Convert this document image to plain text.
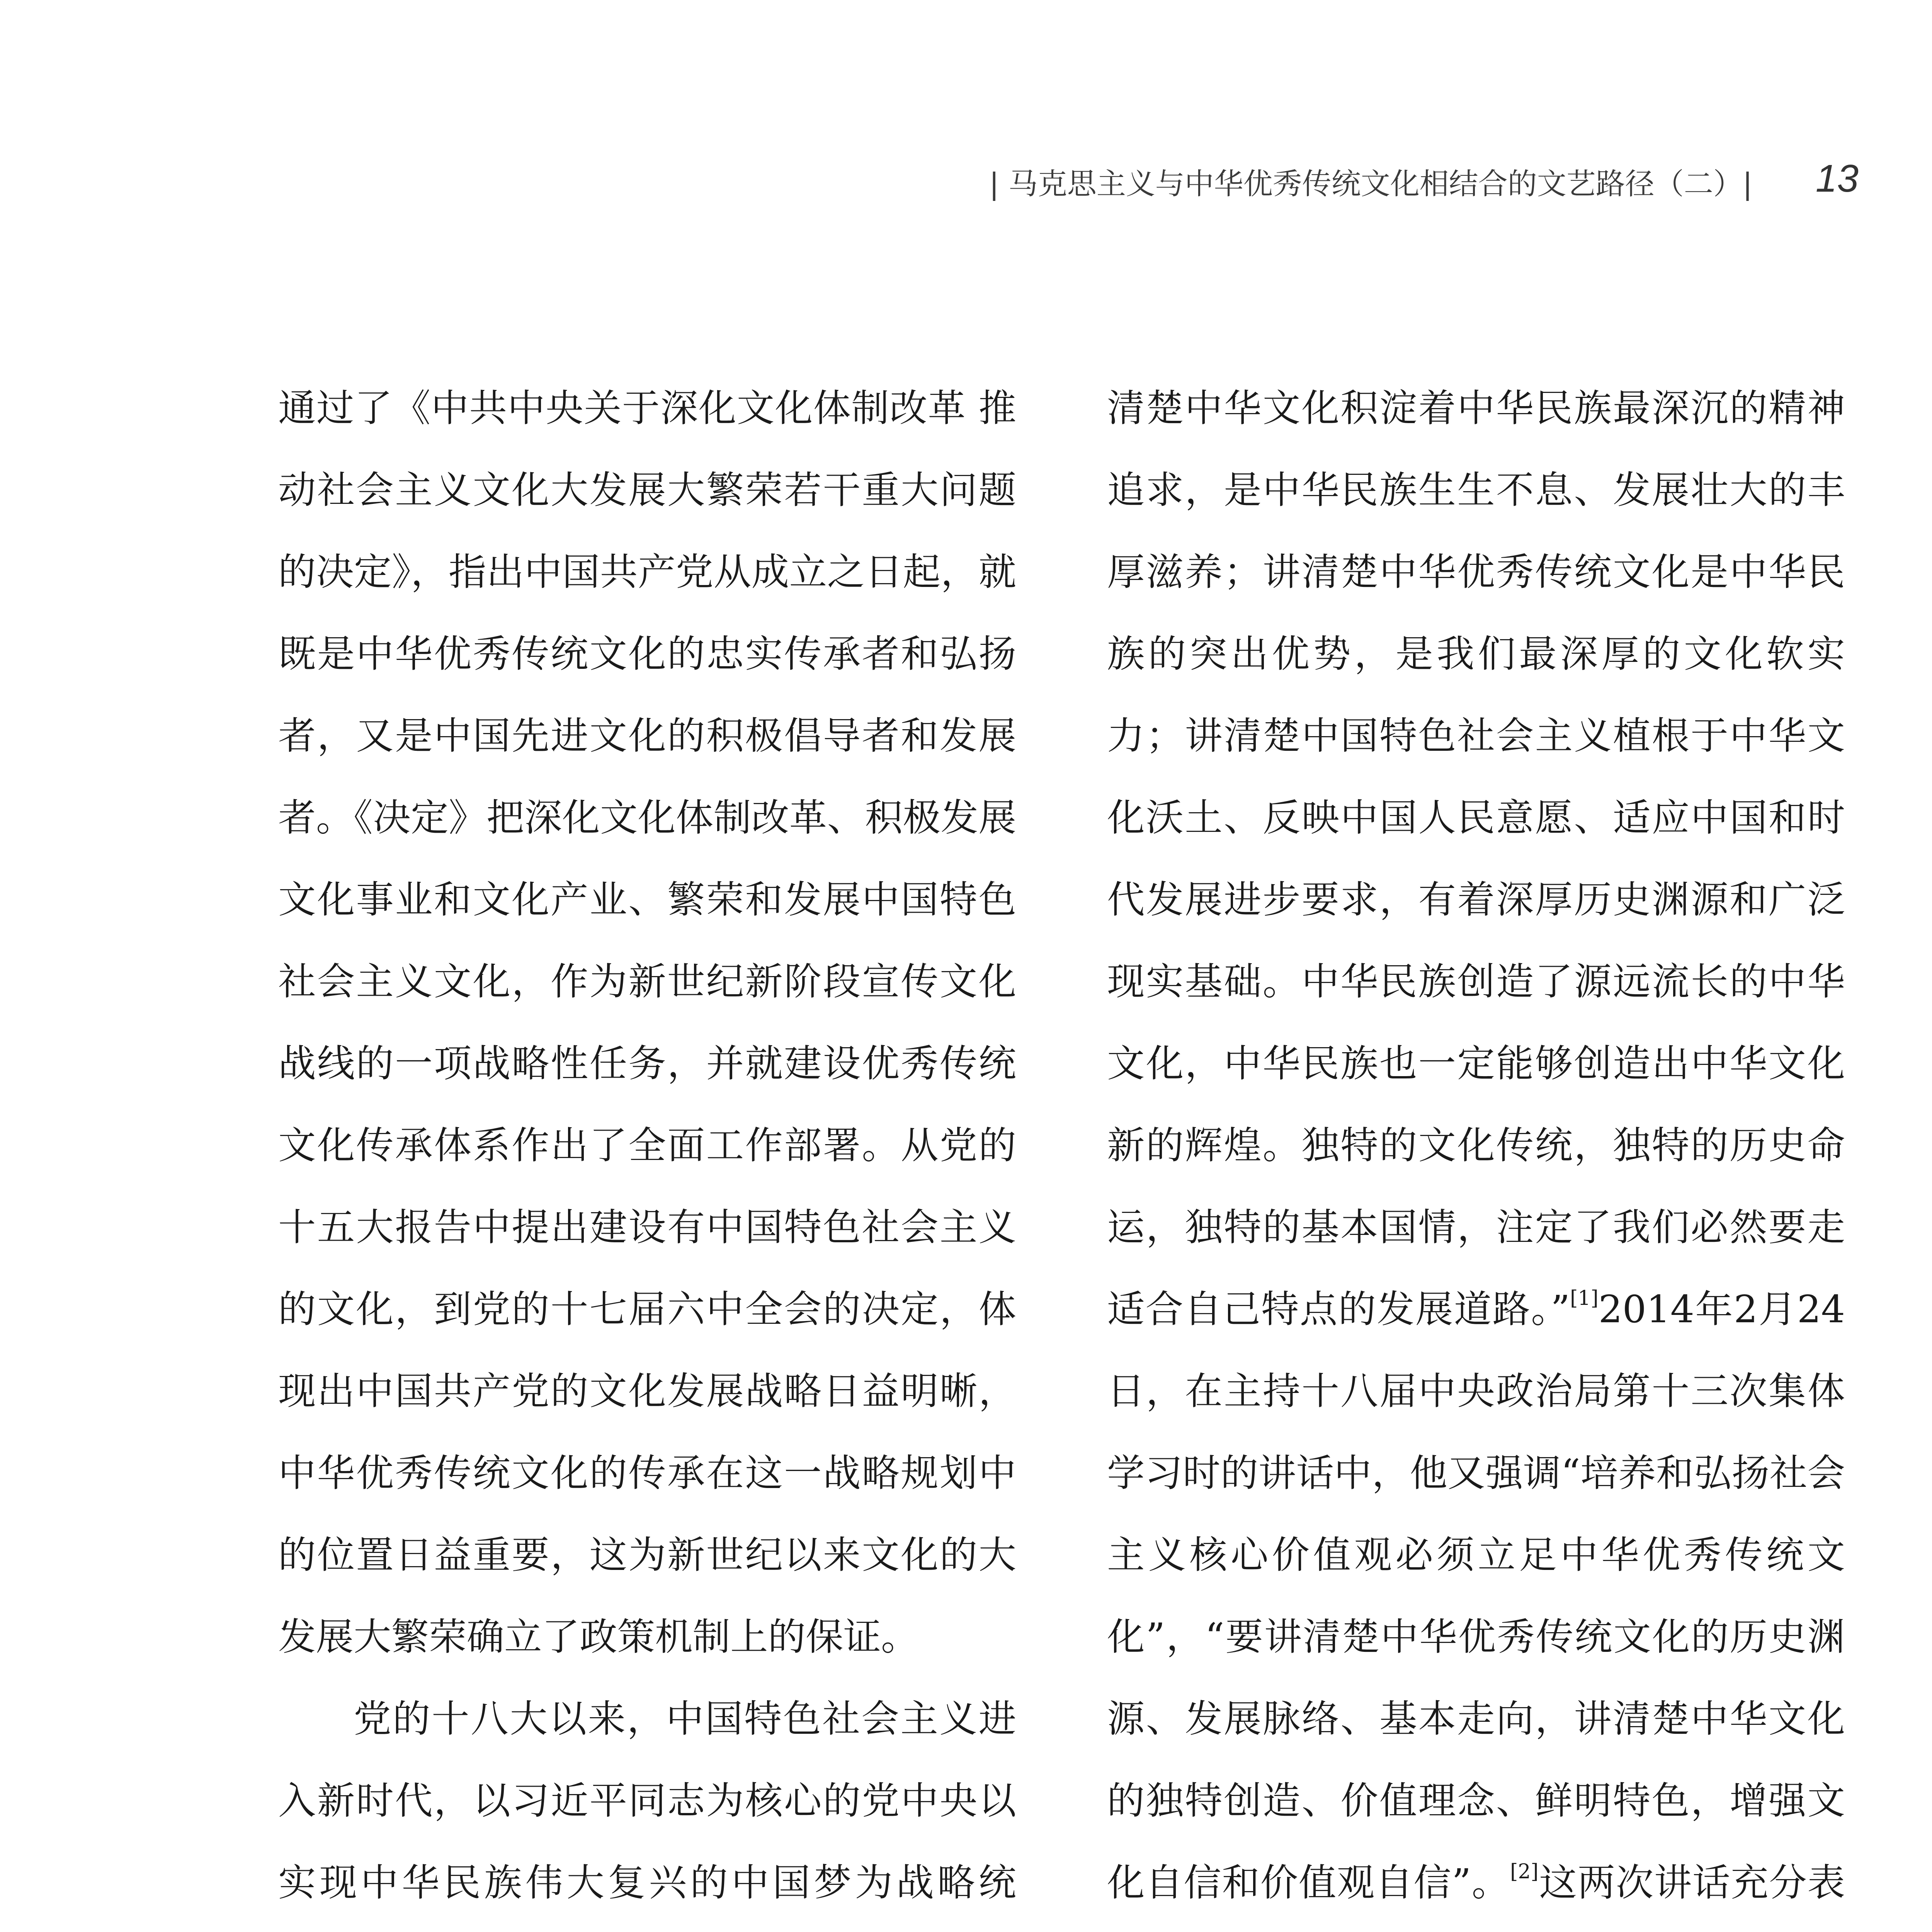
| 马克思主义与中华优秀传统文化相结合的文艺路径（二）|	13

通过了《中共中央关于深化文化体制改革 推动社会主义文化大发展大繁荣若干重大问题的决定》，指出中国共产党从成立之日起，就既是中华优秀传统文化的忠实传承者和弘扬者，又是中国先进文化的积极倡导者和发展者。《决定》把深化文化体制改革、积极发展文化事业和文化产业、繁荣和发展中国特色社会主义文化，作为新世纪新阶段宣传文化战线的一项战略性任务，并就建设优秀传统文化传承体系作出了全面工作部署。从党的十五大报告中提出建设有中国特色社会主义的文化，到党的十七届六中全会的决定，体现出中国共产党的文化发展战略日益明晰，中华优秀传统文化的传承在这一战略规划中的位置日益重要，这为新世纪以来文化的大发展大繁荣确立了政策机制上的保证。

党的十八大以来，中国特色社会主义进入新时代，以习近平同志为核心的党中央以实现中华民族伟大复兴的中国梦为战略统

清楚中华文化积淀着中华民族最深沉的精神追求，是中华民族生生不息、发展壮大的丰厚滋养；讲清楚中华优秀传统文化是中华民族的突出优势，是我们最深厚的文化软实力；讲清楚中国特色社会主义植根于中华文化沃土、反映中国人民意愿、适应中国和时代发展进步要求，有着深厚历史渊源和广泛现实基础。中华民族创造了源远流长的中华文化，中华民族也一定能够创造出中华文化新的辉煌。独特的文化传统，独特的历史命运，独特的基本国情，注定了我们必然要走适合自己特点的发展道路。”[1]2014年2月24日，在主持十八届中央政治局第十三次集体学习时的讲话中，他又强调“培养和弘扬社会主义核心价值观必须立足中华优秀传统文化”，“要讲清楚中华优秀传统文化的历史渊源、发展脉络、基本走向，讲清楚中华文化的独特创造、价值理念、鲜明特色，增强文化自信和价值观自信”。[2]这两次讲话充分表
